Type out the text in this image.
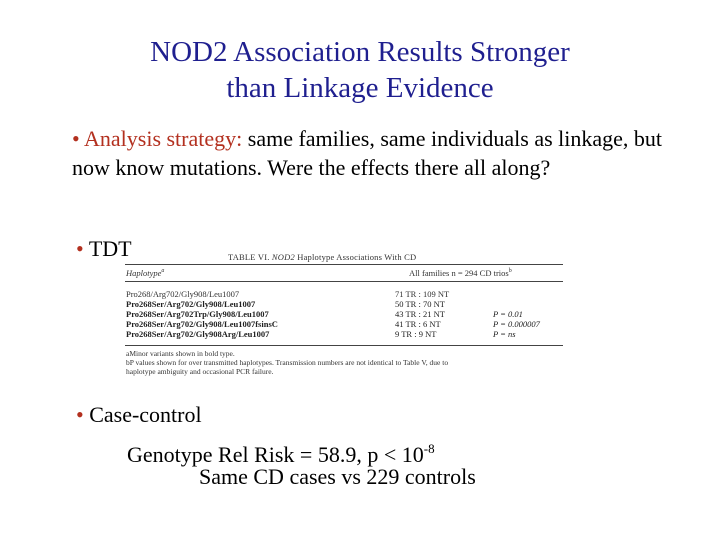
NOD2 Association Results Stronger
than Linkage Evidence
• Analysis strategy: same families, same individuals as linkage, but now know mutations. Were the effects there all along?
• TDT	TABLE VI. NOD2 Haplotype Associations With CD
Haplotype$^a$	All families n = 294 CD trios$^b$
Pro268/Arg702/Gly908/Leu1007	71 TR : 109 NT
Pro268Ser/Arg702/Gly908/Leu1007	50 TR : 70 NT
Pro268Ser/Arg702Trp/Gly908/Leu1007	43 TR : 21 NT	P = 0.01
Pro268Ser/Arg702/Gly908/Leu1007fsinsC	41 TR : 6 NT	P = 0.000007
Pro268Ser/Arg702/Gly908Arg/Leu1007	9 TR : 9 NT	P = ns
aMinor variants shown in bold type.
bP values shown for over transmitted haplotypes. Transmission numbers are not identical to Table V, due to
haplotype ambiguity and occasional PCR failure.
• Case-control
Genotype Rel Risk = 58.9, $p < 10^{-8}$
Same CD cases vs 229 controls
